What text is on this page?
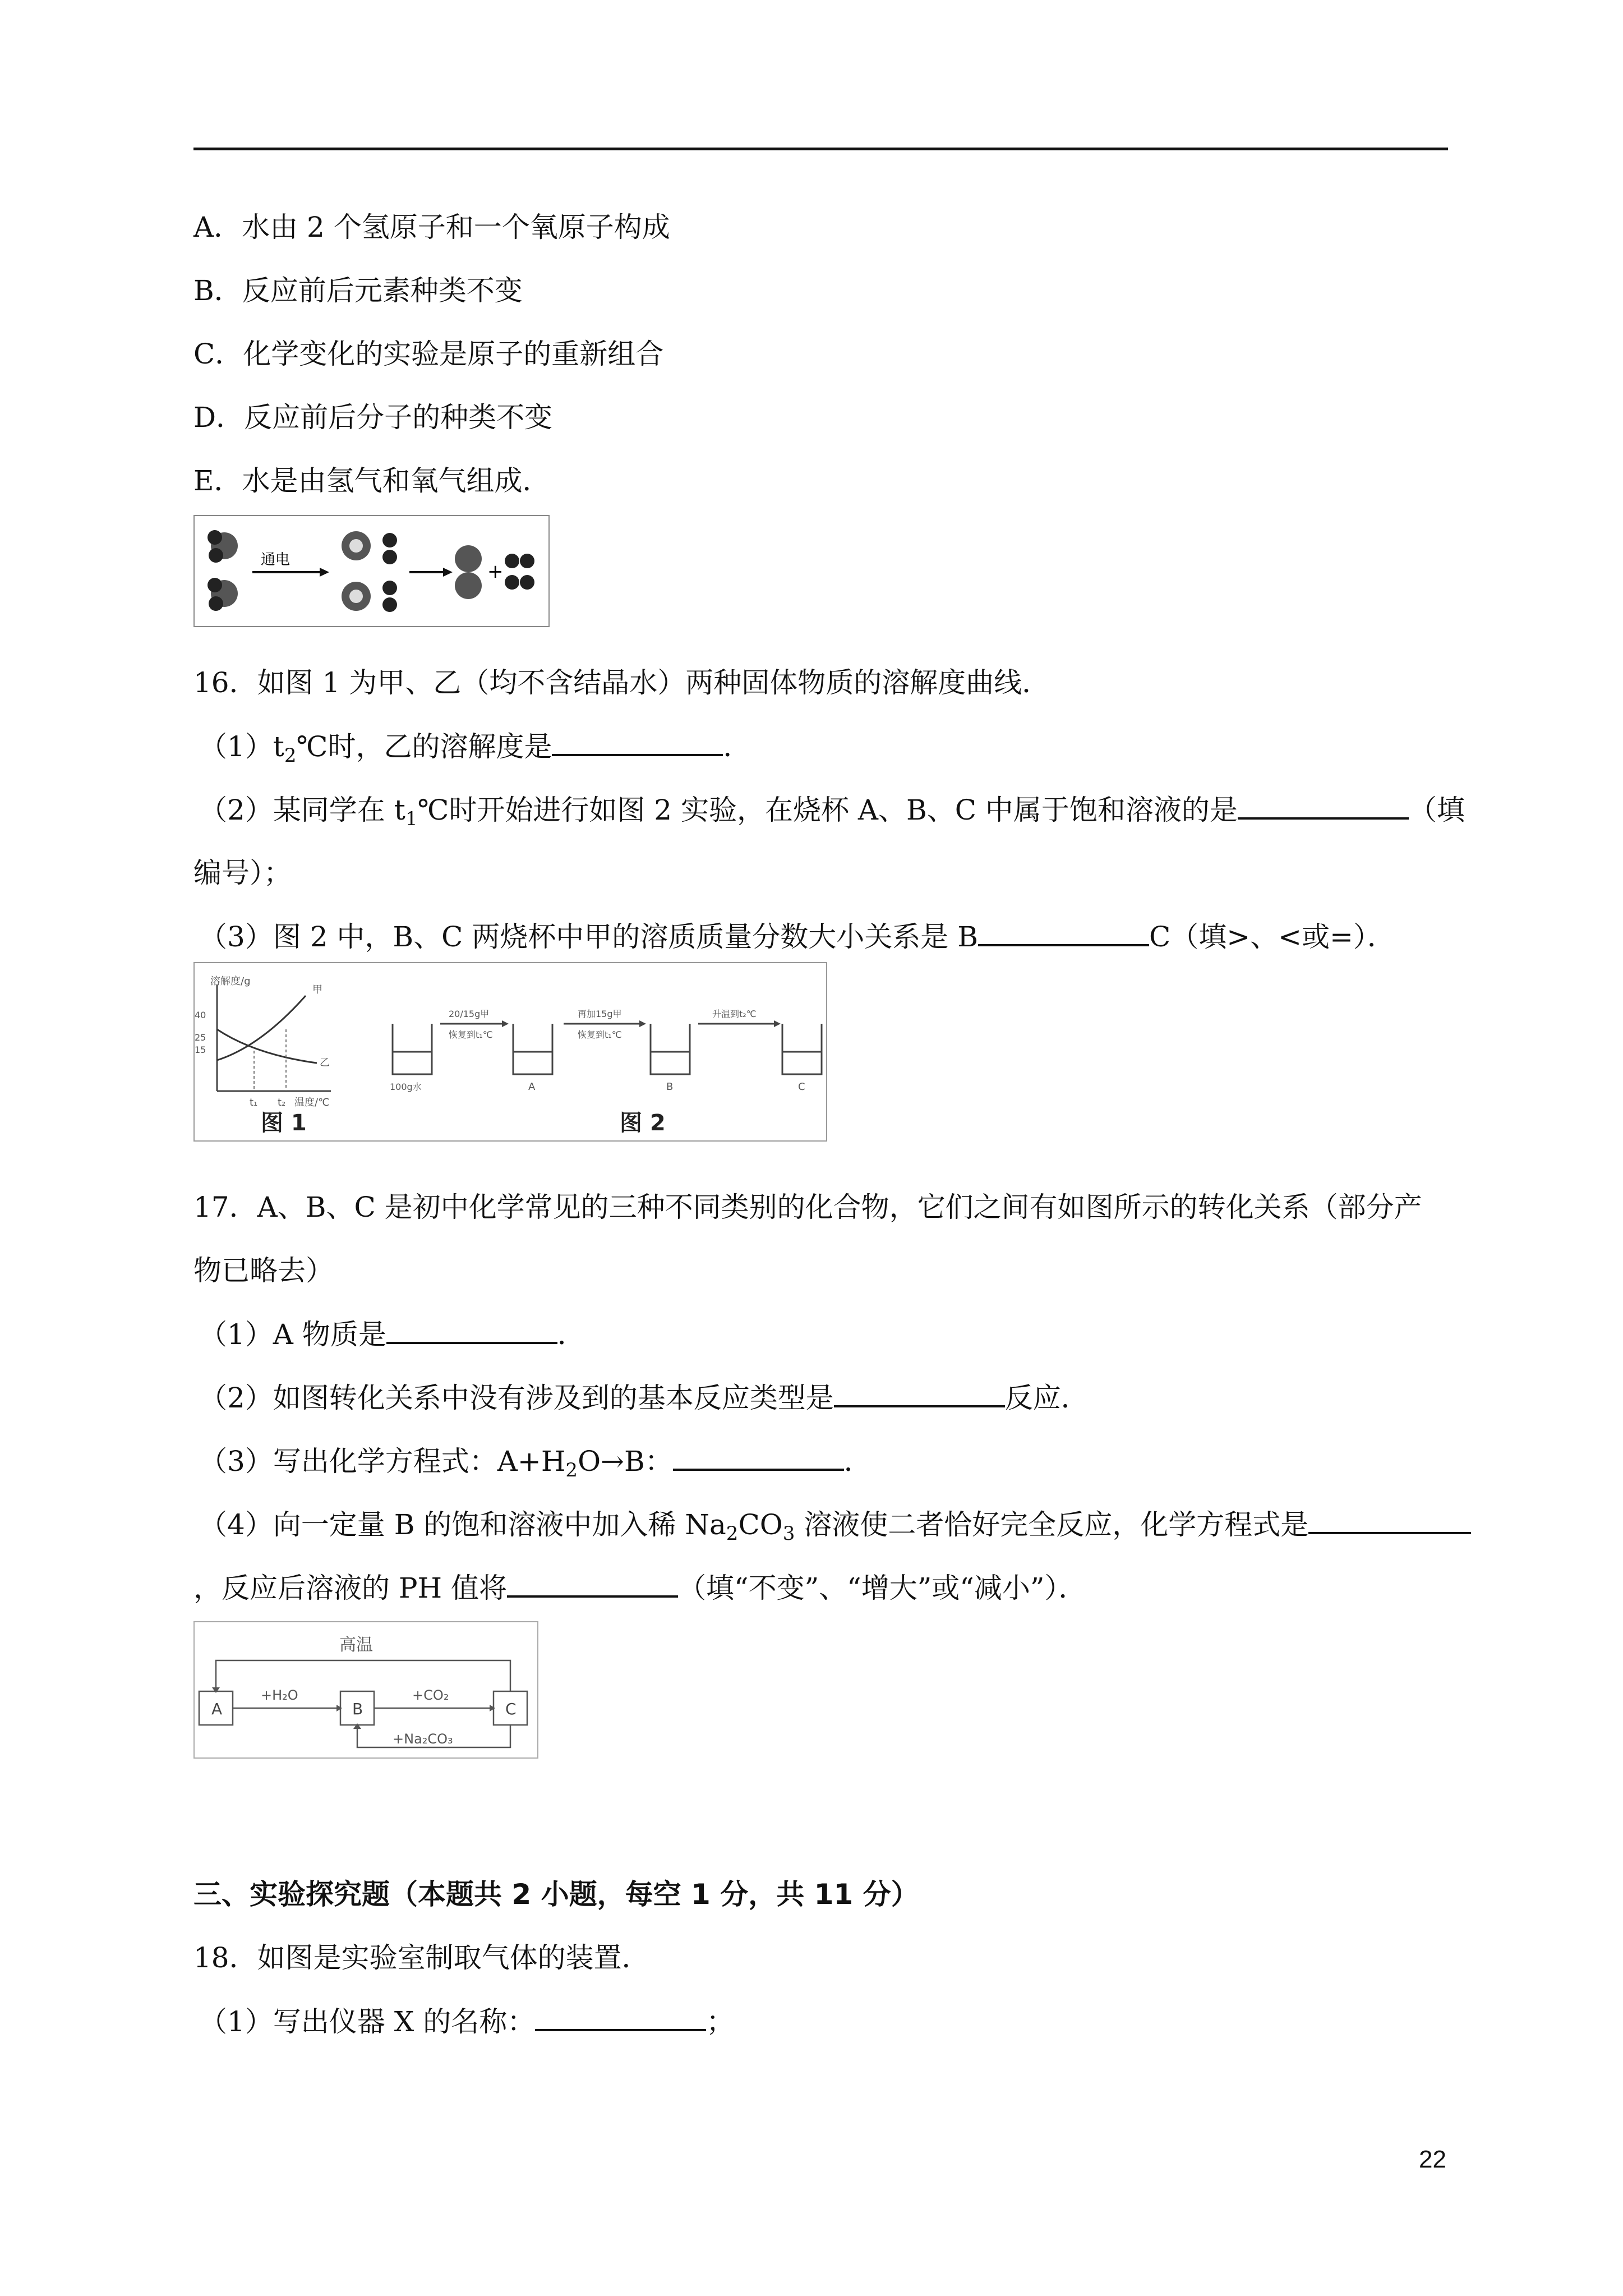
A．水由 2 个氢原子和一个氧原子构成
B．反应前后元素种类不变
C．化学变化的实验是原子的重新组合
D．反应前后分子的种类不变
E．水是由氢气和氧气组成．
通电
+
16．如图 1 为甲、乙（均不含结晶水）两种固体物质的溶解度曲线．
$(1)t_2℃$时，乙的溶解度是	．
（2）某同学在 $t_1℃$时开始进行如图 2 实验，在烧杯 A、B、C 中属于饱和溶液的是	（填
编号）；
（3）图 2 中，B、C 两烧杯中甲的溶质质量分数大小关系是 B	C（填>、<或=）．
溶解度/g
40
25
15
甲
乙
t₁ t₂ 温度/℃
20/15g甲
恢复到t₁℃
再加15g甲
恢复到t₁℃
升温到t₂℃
100g水	A	B	C
图 1	图 2
17．A、B、C 是初中化学常见的三种不同类别的化合物，它们之间有如图所示的转化关系（部分产
物已略去）
（1）A 物质是	．
（2）如图转化关系中没有涉及到的基本反应类型是	反应．
（3）写出化学方程式：$A+H_2O\to B$：	．
（4）向一定量 B 的饱和溶液中加入稀 $Na_2CO_3$ 溶液使二者恰好完全反应，化学方程式是
，反应后溶液的 PH 值将	（填“不变”、“增大”或“减小”）．
高温
A	B	C
+H₂O	+CO₂
+Na₂CO₃
三、实验探究题（本题共 2 小题，每空 1 分，共 11 分）
18．如图是实验室制取气体的装置．
（1）写出仪器 X 的名称：	；
22
